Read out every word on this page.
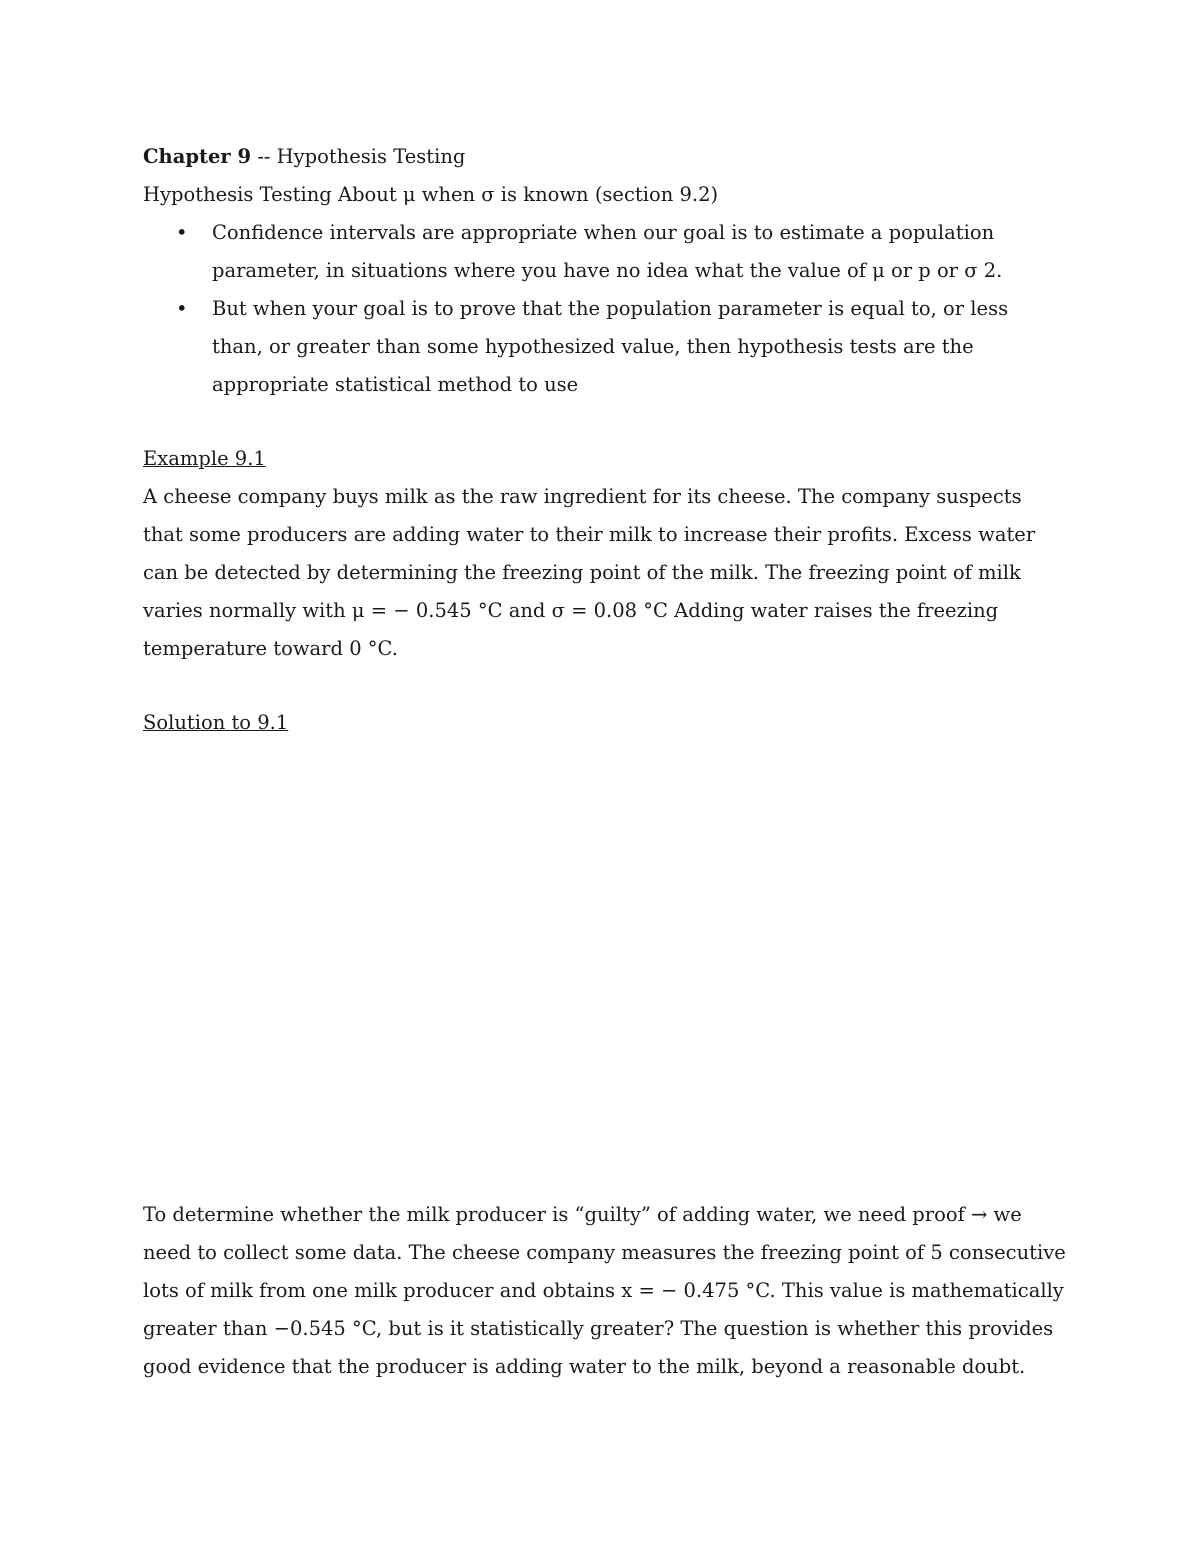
Chapter 9 -- Hypothesis Testing

Hypothesis Testing About μ when σ is known (section 9.2)

• Confidence intervals are appropriate when our goal is to estimate a population parameter, in situations where you have no idea what the value of μ or p or σ 2.
• But when your goal is to prove that the population parameter is equal to, or less than, or greater than some hypothesized value, then hypothesis tests are the appropriate statistical method to use

Example 9.1

A cheese company buys milk as the raw ingredient for its cheese. The company suspects that some producers are adding water to their milk to increase their profits. Excess water can be detected by determining the freezing point of the milk. The freezing point of milk varies normally with μ = − 0.545 °C and σ = 0.08 °C Adding water raises the freezing temperature toward 0 °C.

Solution to 9.1

To determine whether the milk producer is “guilty” of adding water, we need proof → we need to collect some data. The cheese company measures the freezing point of 5 consecutive lots of milk from one milk producer and obtains x = − 0.475 °C. This value is mathematically greater than −0.545 °C, but is it statistically greater? The question is whether this provides good evidence that the producer is adding water to the milk, beyond a reasonable doubt.
